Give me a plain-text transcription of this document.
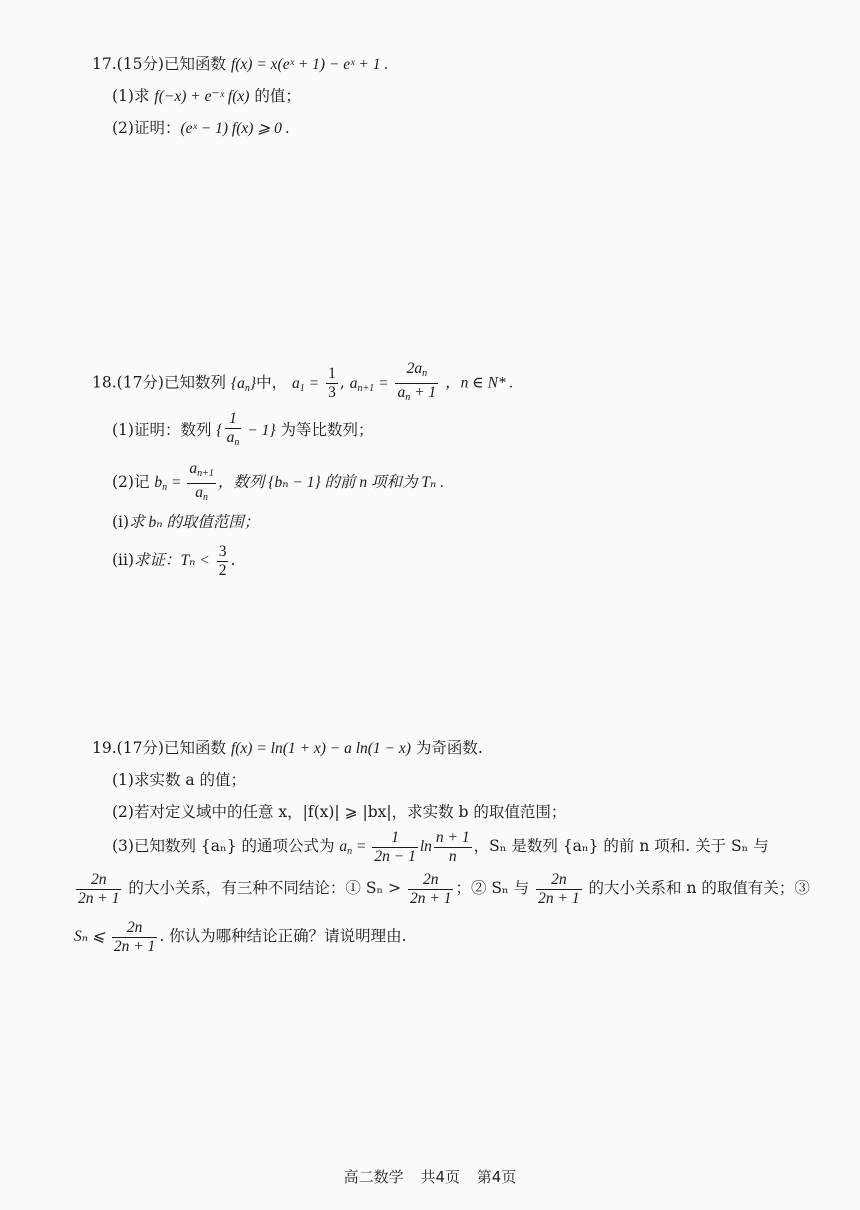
17.(15分)已知函数 f(x) = x(eˣ + 1) − eˣ + 1 .
(1)求 f(−x) + e⁻ˣ f(x) 的值；
(2)证明：(eˣ − 1) f(x) ⩾ 0 .
18.(17分)已知数列 $\{a_n\}$中， $a_1 = \frac{1}{3}$ , $a_{n+1} = \frac{2a_n}{a_n + 1}$ ，n ∈ N* .
(1)证明：数列 { $\frac{1}{a_n} - 1$} 为等比数列；
(2)记 $b_n = \frac{a_{n+1}}{a_n}$ ，数列 {bₙ − 1} 的前 n 项和为 Tₙ .
(i)求 bₙ 的取值范围；
(ii)求证：$T_n < \frac{3}{2}$ .
19.(17分)已知函数 f(x) = ln(1 + x) − a ln(1 − x) 为奇函数.
(1)求实数 a 的值；
(2)若对定义域中的任意 x，|f(x)| ⩾ |bx|，求实数 b 的取值范围；
(3)已知数列 {aₙ} 的通项公式为 $a_n = \frac{1}{2n - 1}$ $\ln \frac{n + 1}{n}$ ，Sₙ 是数列 {aₙ} 的前 n 项和. 关于 Sₙ 与
$\frac{2n}{2n + 1}$ 的大小关系，有三种不同结论：① $S_n > \frac{2n}{2n + 1}$ ；② Sₙ 与 $\frac{2n}{2n + 1}$ 的大小关系和 n 的取值有关；③
Sₙ ⩽ $\frac{2n}{2n + 1}$ . 你认为哪种结论正确？请说明理由.
高二数学 共4页 第4页
